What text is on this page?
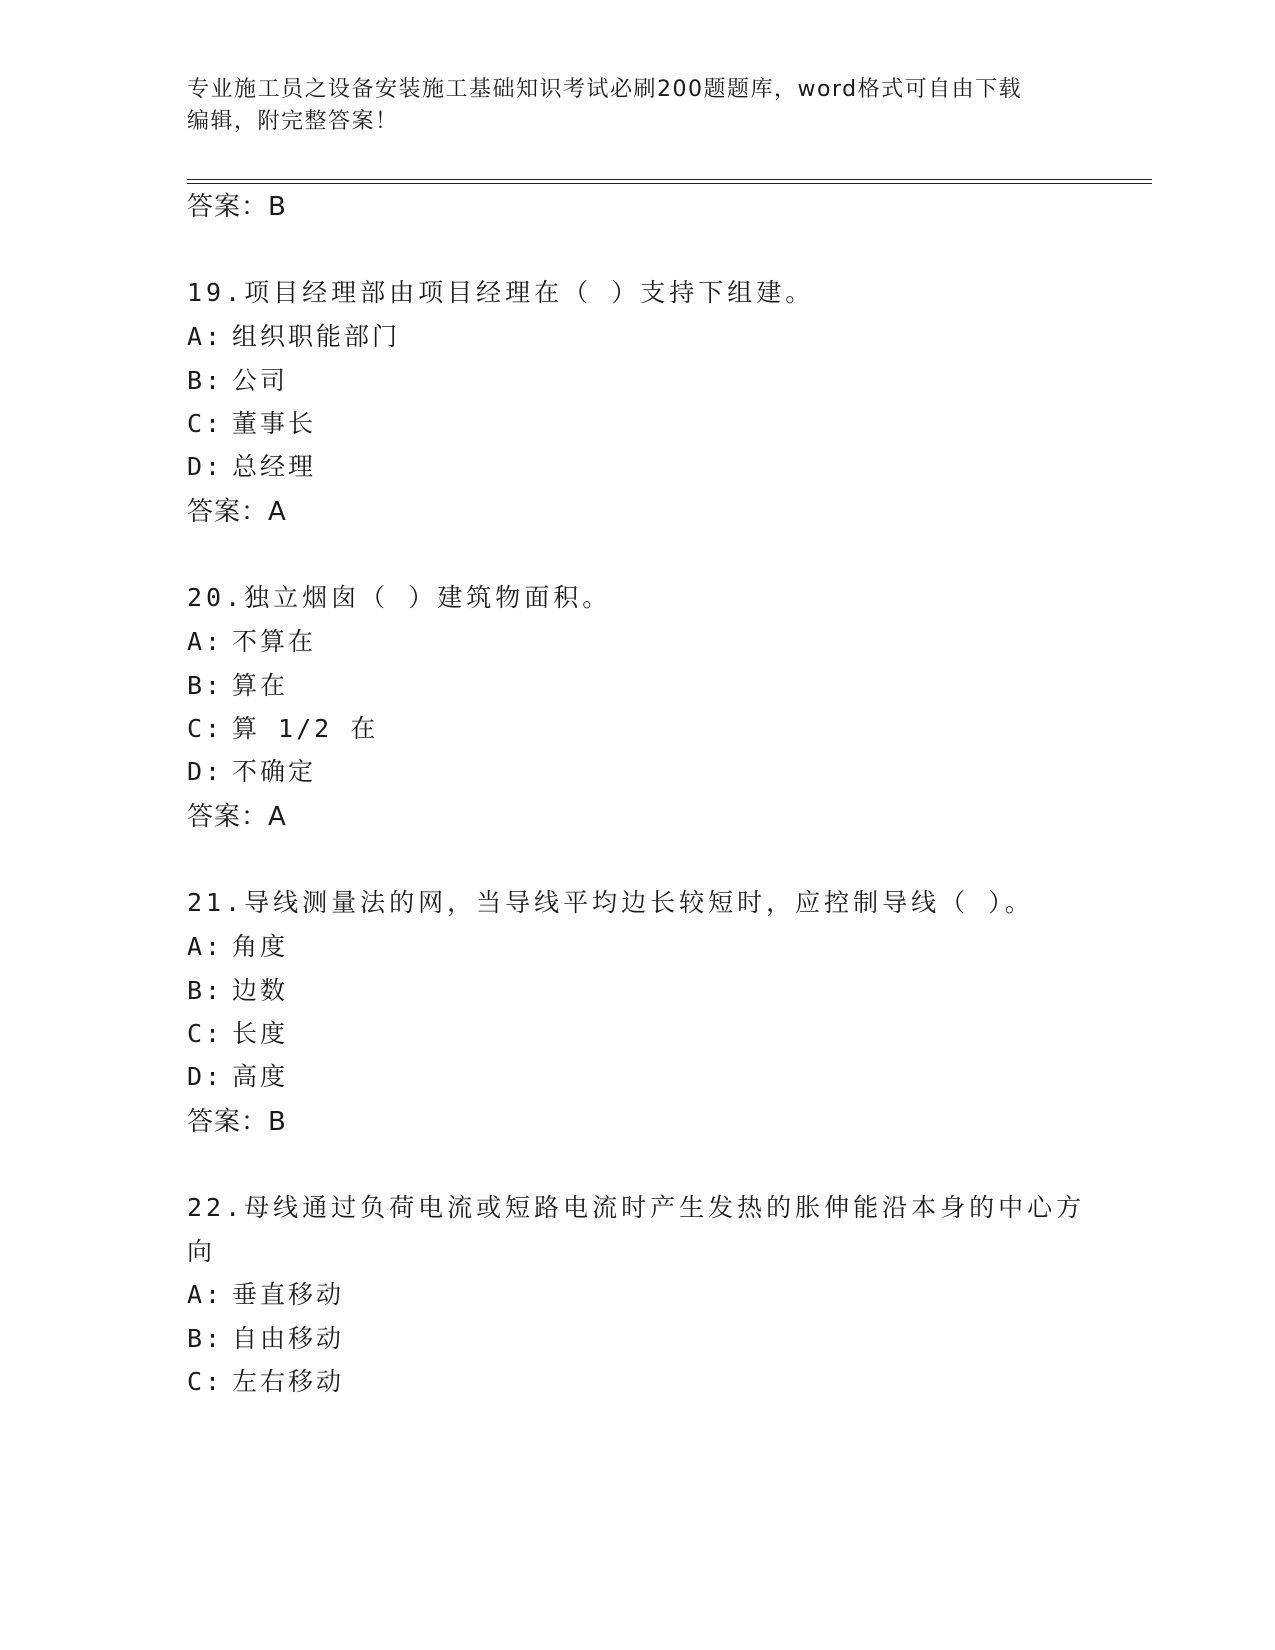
专业施工员之设备安装施工基础知识考试必刷200题题库，word格式可自由下载
编辑，附完整答案！
答案：B
19.项目经理部由项目经理在（ ）支持下组建。
A: 组织职能部门
B: 公司
C: 董事长
D: 总经理
答案：A
20.独立烟囱（ ）建筑物面积。
A: 不算在
B: 算在
C: 算 1/2 在
D: 不确定
答案：A
21.导线测量法的网，当导线平均边长较短时，应控制导线（ ）。
A: 角度
B: 边数
C: 长度
D: 高度
答案：B
22.母线通过负荷电流或短路电流时产生发热的胀伸能沿本身的中心方
向
A: 垂直移动
B: 自由移动
C: 左右移动
